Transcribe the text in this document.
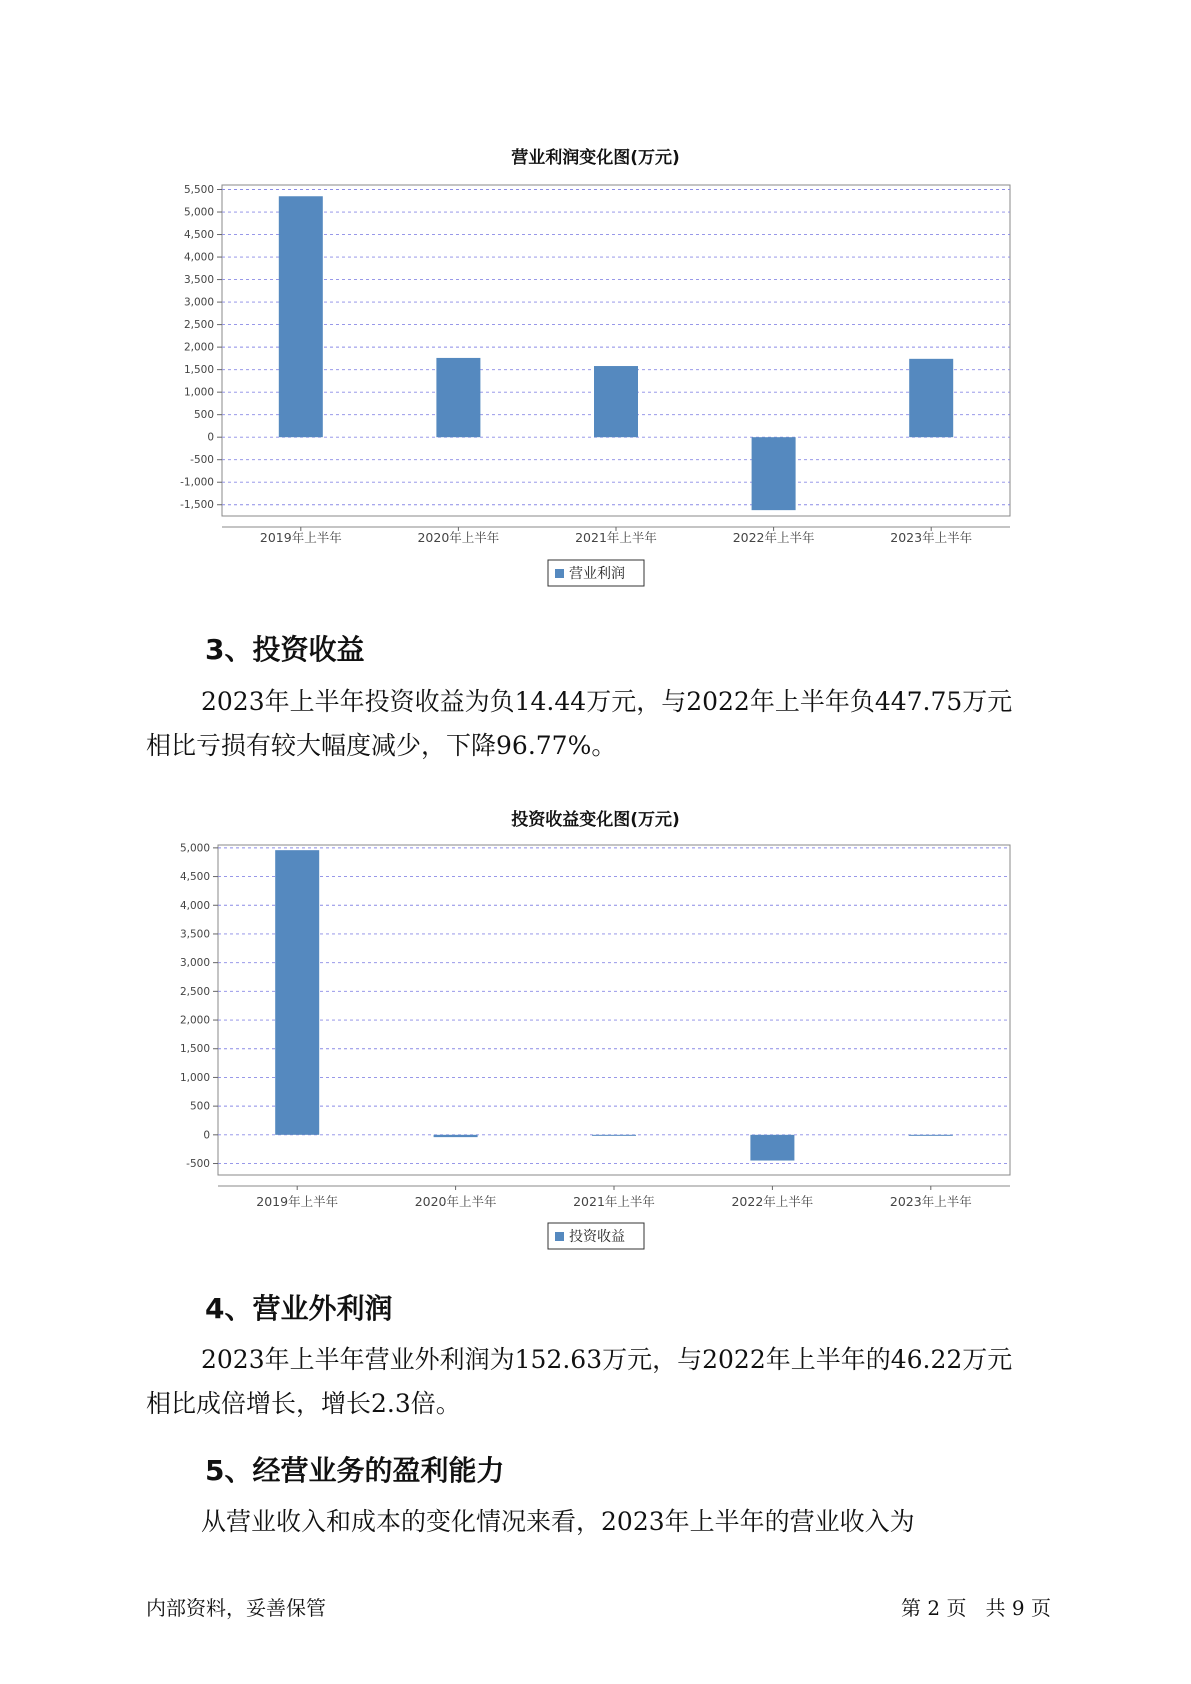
营业利润变化图(万元)
5,500
5,000
4,500
4,000
3,500
3,000
2,500
2,000
1,500
1,000
500
0
-500
-1,000
-1,500
2019年上半年	2020年上半年	2021年上半年	2022年上半年	2023年上半年
营业利润
3、投资收益

2023年上半年投资收益为负14.44万元，与2022年上半年负447.75万元
相比亏损有较大幅度减少，下降96.77%。

投资收益变化图(万元)
5,000
4,500
4,000
3,500
3,000
2,500
2,000
1,500
1,000
500
0
-500
2019年上半年	2020年上半年	2021年上半年	2022年上半年	2023年上半年
投资收益
4、营业外利润

2023年上半年营业外利润为152.63万元，与2022年上半年的46.22万元
相比成倍增长，增长2.3倍。

5、经营业务的盈利能力

从营业收入和成本的变化情况来看，2023年上半年的营业收入为

内部资料，妥善保管	第 2 页   共 9 页
